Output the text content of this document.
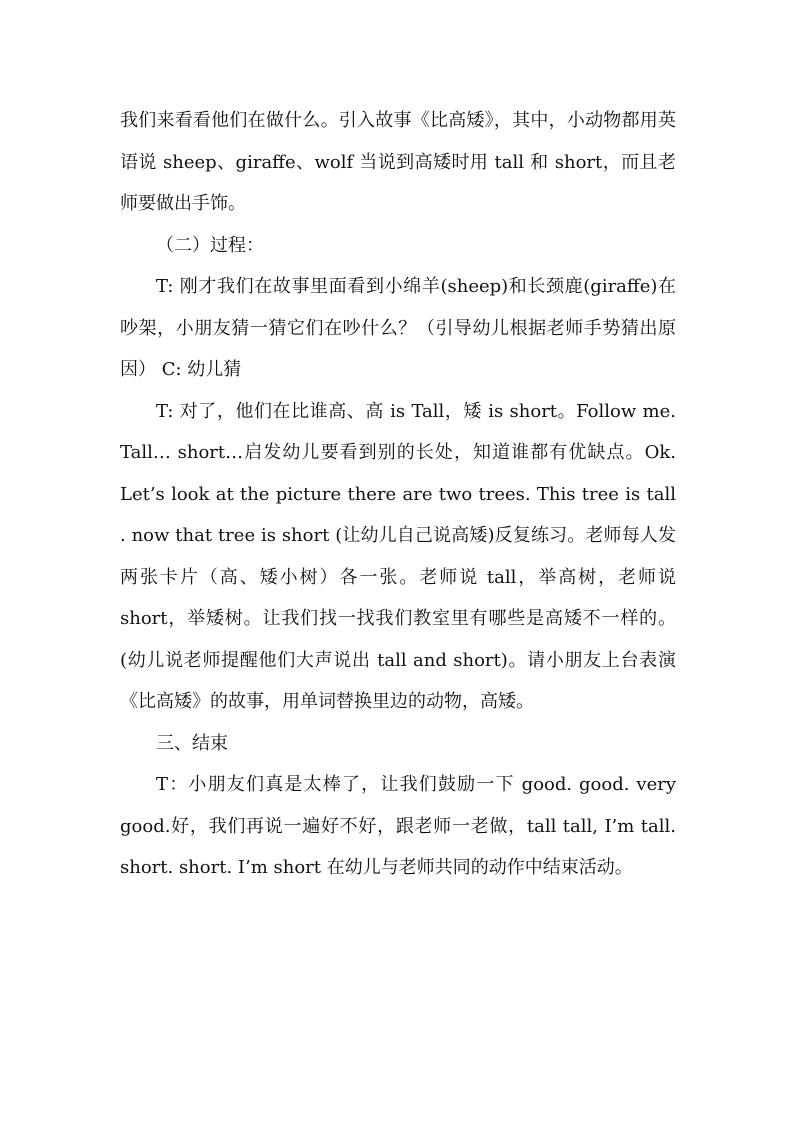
我们来看看他们在做什么。引入故事《比高矮》，其中，小动物都用英语说 sheep、giraffe、wolf 当说到高矮时用 tall 和 short，而且老师要做出手饰。

（二）过程：

T: 刚才我们在故事里面看到小绵羊(sheep)和长颈鹿(giraffe)在吵架，小朋友猜一猜它们在吵什么？（引导幼儿根据老师手势猜出原因） C: 幼儿猜

T: 对了，他们在比谁高、高 is Tall，矮 is short。Follow me. Tall… short…启发幼儿要看到别的长处，知道谁都有优缺点。Ok. Let’s look at the picture there are two trees. This tree is tall . now that tree is short (让幼儿自己说高矮)反复练习。老师每人发两张卡片（高、矮小树）各一张。老师说 tall，举高树，老师说 short，举矮树。让我们找一找我们教室里有哪些是高矮不一样的。(幼儿说老师提醒他们大声说出 tall and short)。请小朋友上台表演《比高矮》的故事，用单词替换里边的动物，高矮。

三、结束

T：小朋友们真是太棒了，让我们鼓励一下 good. good. very good.好，我们再说一遍好不好，跟老师一老做，tall tall, I’m tall. short. short. I’m short 在幼儿与老师共同的动作中结束活动。
